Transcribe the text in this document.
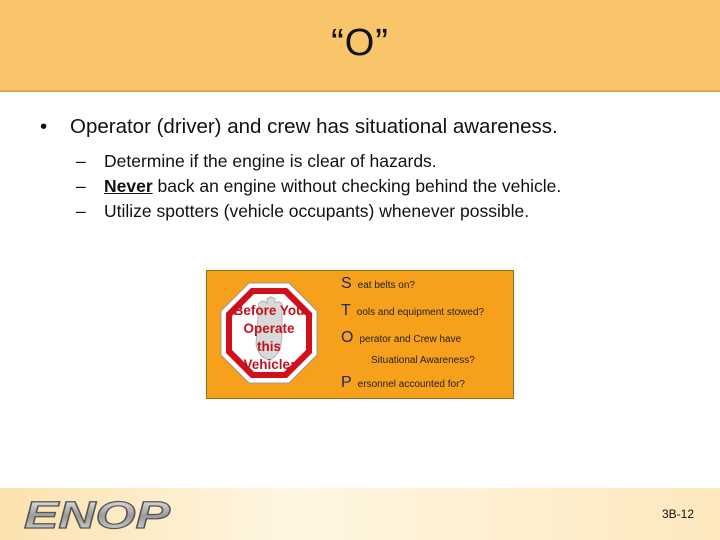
“O”
• Operator (driver) and crew has situational awareness.
– Determine if the engine is clear of hazards.
– Never back an engine without checking behind the vehicle.
– Utilize spotters (vehicle occupants) whenever possible.
Before You
Operate
this
Vehicle:
Seat belts on?
Tools and equipment stowed?
Operator and Crew have
Situational Awareness?
Personnel accounted for?
ENOP	3B-12
